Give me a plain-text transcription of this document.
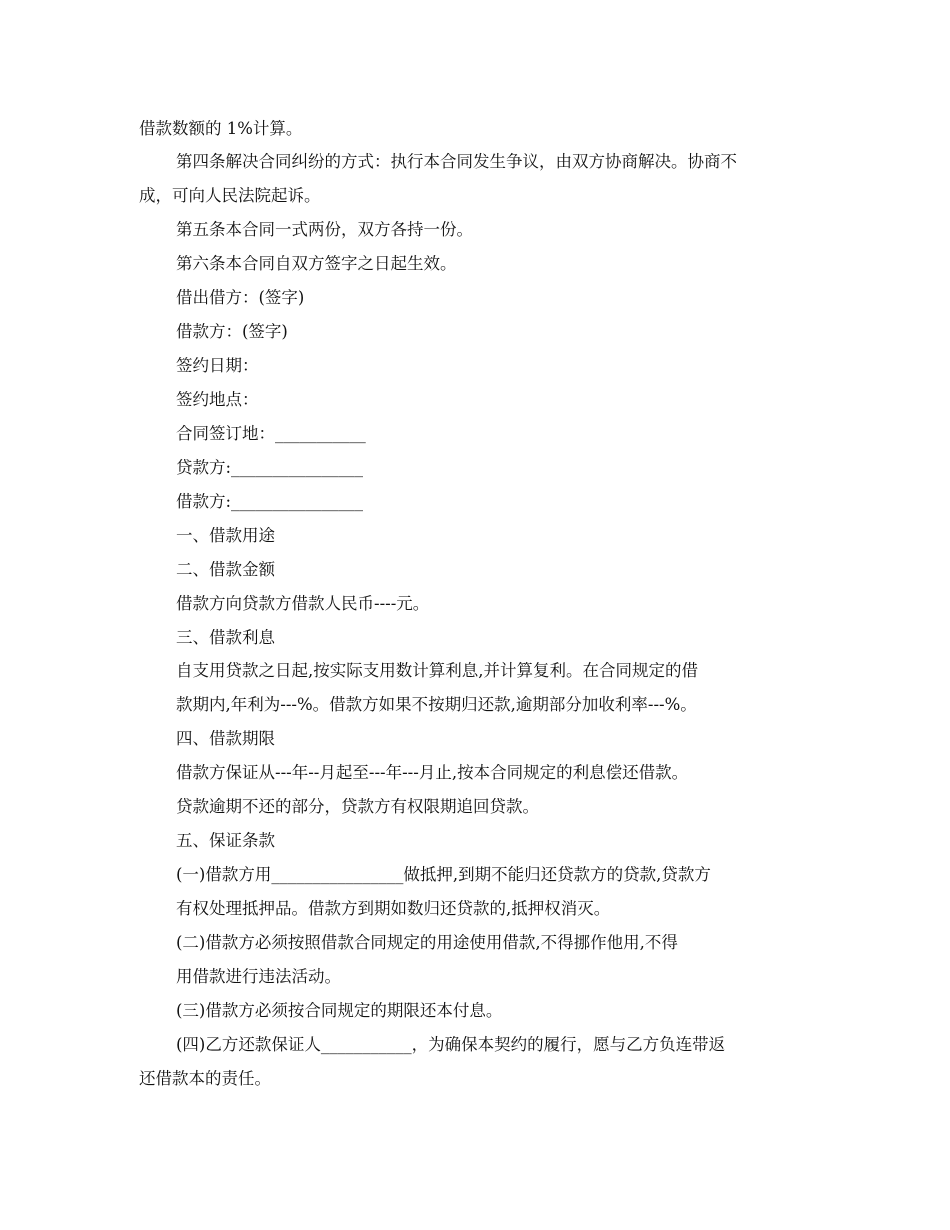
借款数额的 1%计算。
第四条解决合同纠纷的方式：执行本合同发生争议，由双方协商解决。协商不
成，可向人民法院起诉。
第五条本合同一式两份，双方各持一份。
第六条本合同自双方签字之日起生效。
借出借方：(签字)
借款方：(签字)
签约日期：
签约地点：
合同签订地：___________
贷款方:________________
借款方:________________
一、借款用途
二、借款金额
借款方向贷款方借款人民币----元。
三、借款利息
自支用贷款之日起,按实际支用数计算利息,并计算复利。在合同规定的借
款期内,年利为---%。借款方如果不按期归还款,逾期部分加收利率---%。
四、借款期限
借款方保证从---年--月起至---年---月止,按本合同规定的利息偿还借款。
贷款逾期不还的部分，贷款方有权限期追回贷款。
五、保证条款
(一)借款方用________________做抵押,到期不能归还贷款方的贷款,贷款方
有权处理抵押品。借款方到期如数归还贷款的,抵押权消灭。
(二)借款方必须按照借款合同规定的用途使用借款,不得挪作他用,不得
用借款进行违法活动。
(三)借款方必须按合同规定的期限还本付息。
(四)乙方还款保证人___________，为确保本契约的履行，愿与乙方负连带返
还借款本的责任。
